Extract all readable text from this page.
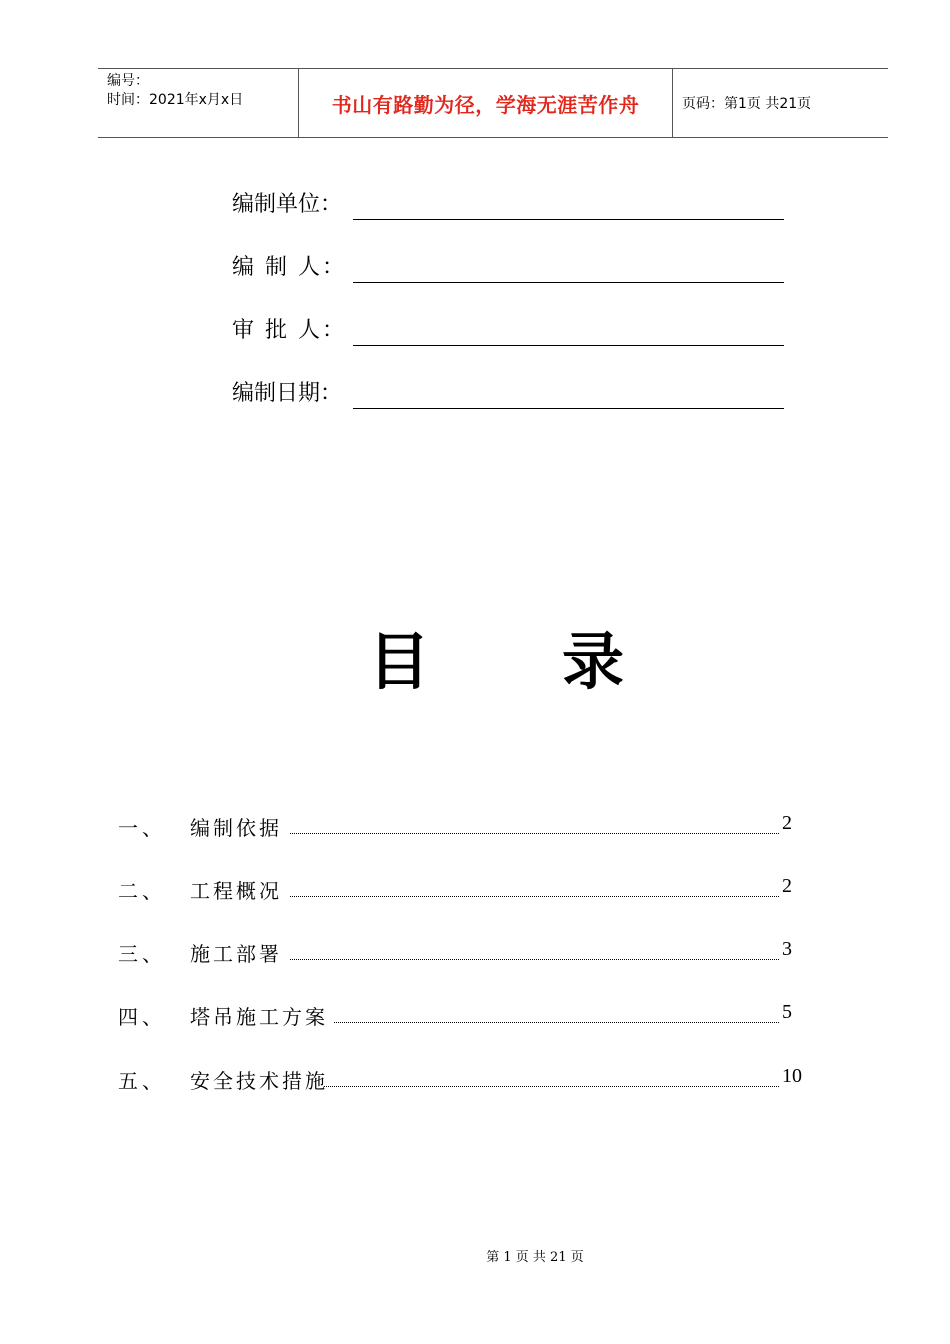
编号：
时间：2021年x月x日	书山有路勤为径，学海无涯苦作舟	页码：第1页 共21页
编制单位：
编 制 人：
审 批 人：
编制日期：
目 录
一、 编制依据	2
二、 工程概况	2
三、 施工部署	3
四、 塔吊施工方案	5
五、 安全技术措施	10
第 1 页 共 21 页
